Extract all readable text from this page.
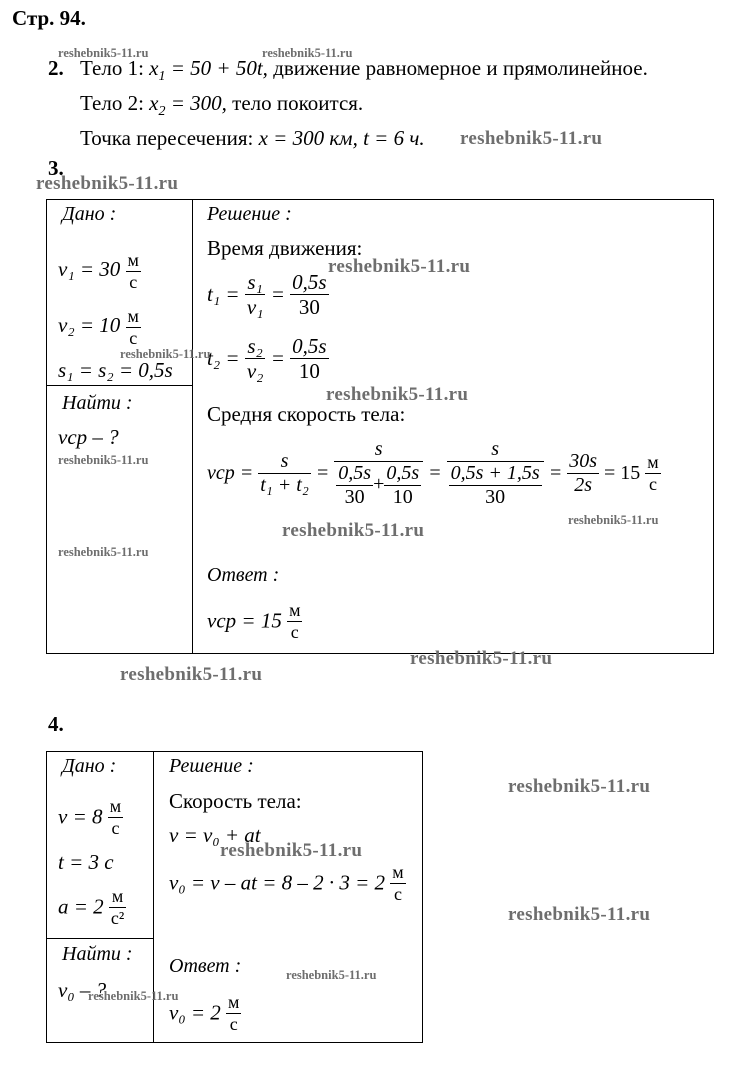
Стр. 94.
2. Тело 1: $x_1 = 50 + 50t$, движение равномерное и прямолинейное.
Тело 2: $x_2 = 300$, тело покоится.
Точка пересечения: x = 300 км, t = 6 ч.
3.
Дано :
$v_1 = 30 \frac{м}{с}$
$v_2 = 10 \frac{м}{с}$
s₁ = s₂ = 0,5s
Найти :
vср – ?
Решение :
Время движения:
$t_1 = \frac{\text{s₁}}{\text{v₁}} = \frac{0,5s}{30}$
$t_2 = \frac{\text{s₂}}{\text{v₂}} = \frac{0,5s}{10}$
Средня скорость тела:
vср = $\frac{s}{\text{t₁ + t₂}} = \frac{s}{\frac{0,5s}{30} + \frac{0,5s}{10}} = \frac{s}{\frac{0,5s + 1,5s}{30}} = \frac{30s}{2s} = 15 \frac{м}{с}$
Ответ :
vср = $15 \frac{м}{с}$
4.
Дано :
$v = 8 \frac{м}{с}$
t = 3 с
$a = 2 \frac{м}{\text{с²}}$
Найти :
v₀ – ?
Решение :
Скорость тела:
v = v₀ + at
v₀ = v – at = $8 - 2 \cdot 3 = 2 \frac{м}{с}$
Ответ :
$v_0 = 2 \frac{м}{с}$
reshebnik5-11.ru	reshebnik5-11.ru
reshebnik5-11.ru
reshebnik5-11.ru
reshebnik5-11.ru
reshebnik5-11.ru
reshebnik5-11.ru
reshebnik5-11.ru
reshebnik5-11.ru	reshebnik5-11.ru
reshebnik5-11.ru
reshebnik5-11.ru
reshebnik5-11.ru
reshebnik5-11.ru
reshebnik5-11.ru
reshebnik5-11.ru
reshebnik5-11.ru
reshebnik5-11.ru
